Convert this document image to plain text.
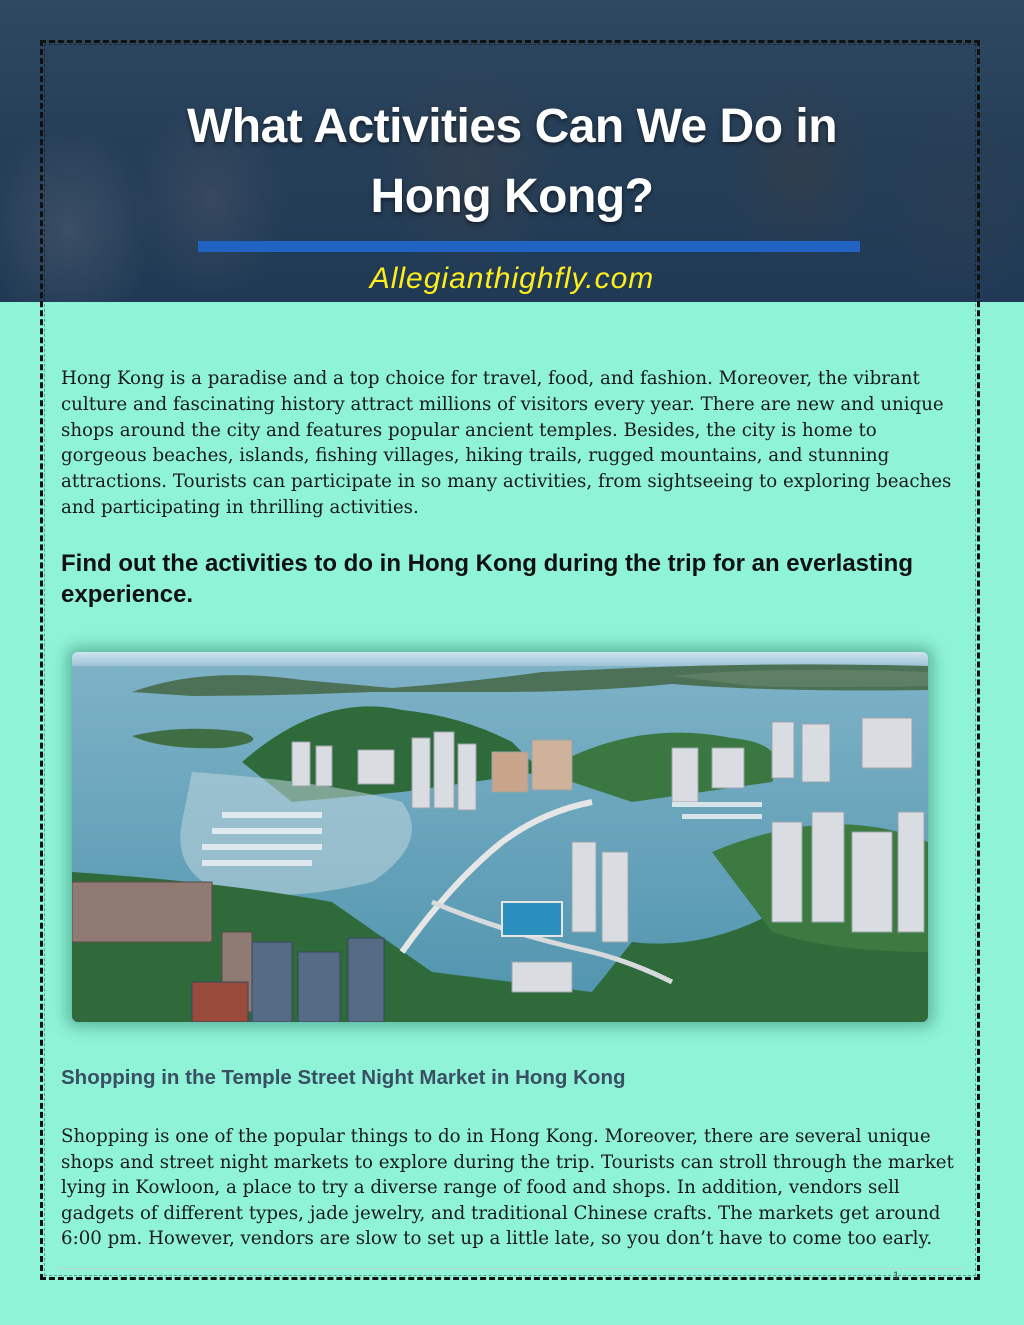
What Activities Can We Do in
Hong Kong?
Allegianthighfly.com

Hong Kong is a paradise and a top choice for travel, food, and fashion. Moreover, the vibrant culture and fascinating history attract millions of visitors every year. There are new and unique shops around the city and features popular ancient temples. Besides, the city is home to gorgeous beaches, islands, fishing villages, hiking trails, rugged mountains, and stunning attractions. Tourists can participate in so many activities, from sightseeing to exploring beaches and participating in thrilling activities.

Find out the activities to do in Hong Kong during the trip for an everlasting experience.
Shopping in the Temple Street Night Market in Hong Kong

Shopping is one of the popular things to do in Hong Kong. Moreover, there are several unique shops and street night markets to explore during the trip. Tourists can stroll through the market lying in Kowloon, a place to try a diverse range of food and shops. In addition, vendors sell gadgets of different types, jade jewelry, and traditional Chinese crafts. The markets get around 6:00 pm. However, vendors are slow to set up a little late, so you don’t have to come too early.

1
